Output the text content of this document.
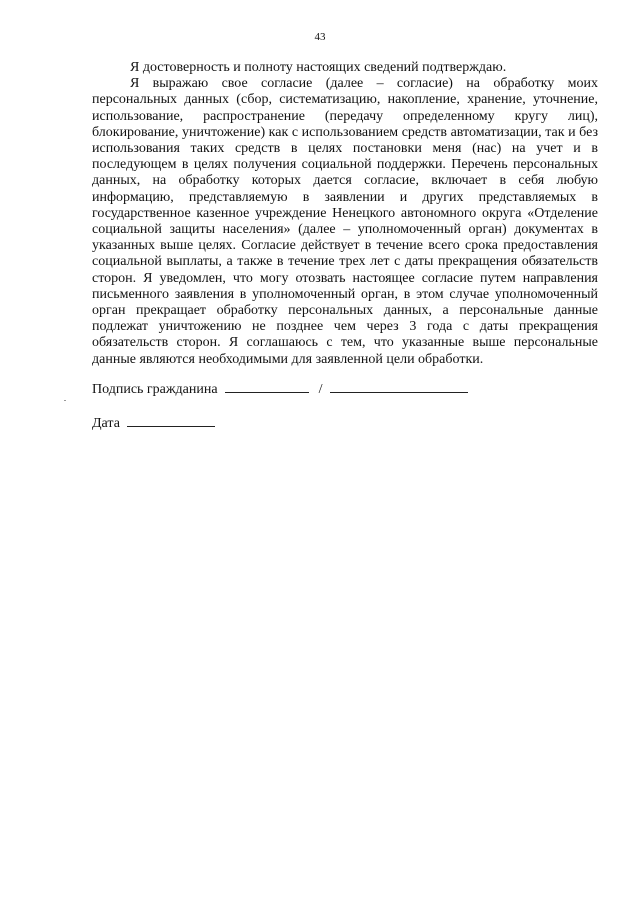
43

Я достоверность и полноту настоящих сведений подтверждаю.

Я выражаю свое согласие (далее – согласие) на обработку моих персональных данных (сбор, систематизацию, накопление, хранение, уточнение, использование, распространение (передачу определенному кругу лиц), блокирование, уничтожение) как с использованием средств автоматизации, так и без использования таких средств в целях постановки меня (нас) на учет и в последующем в целях получения социальной поддержки. Перечень персональных данных, на обработку которых дается согласие, включает в себя любую информацию, представляемую в заявлении и других представляемых в государственное казенное учреждение Ненецкого автономного округа «Отделение социальной защиты населения» (далее – уполномоченный орган) документах в указанных выше целях. Согласие действует в течение всего срока предоставления социальной выплаты, а также в течение трех лет с даты прекращения обязательств сторон. Я уведомлен, что могу отозвать настоящее согласие путем направления письменного заявления в уполномоченный орган, в этом случае уполномоченный орган прекращает обработку персональных данных, а персональные данные подлежат уничтожению не позднее чем через 3 года с даты прекращения обязательств сторон. Я соглашаюсь с тем, что указанные выше персональные данные являются необходимыми для заявленной цели обработки.

Подпись гражданина	/
Дата
